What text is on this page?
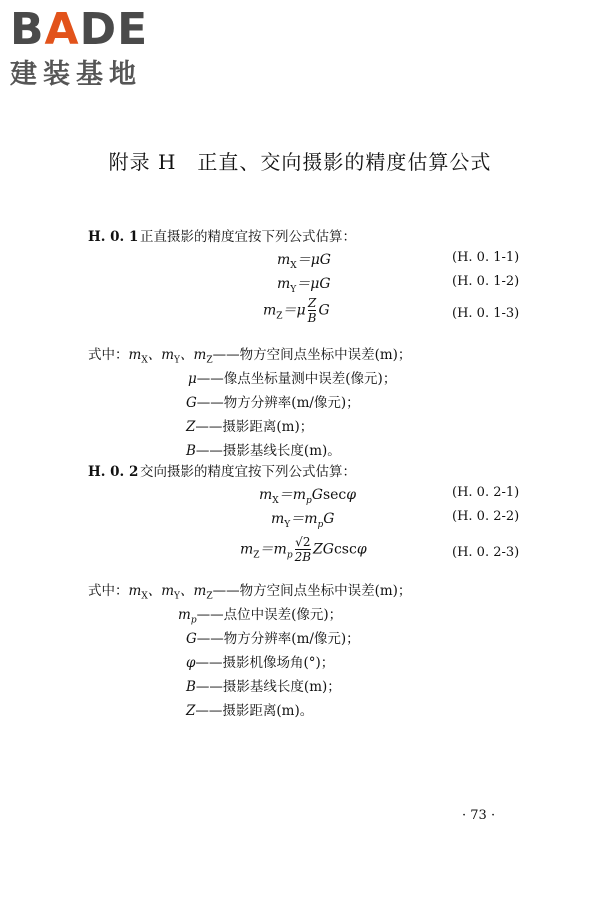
BADE
建装基地
附录 H　正直、交向摄影的精度估算公式
H. 0. 1 正直摄影的精度宜按下列公式估算：
$m_X=\mu G$	(H. 0. 1-1)
$m_Y=\mu G$	(H. 0. 1-2)
$m_Z=\mu \frac{Z}{B}$ G	(H. 0. 1-3)
式中：$m_X$、$m_Y$、$m_Z——$物方空间点坐标中误差(m)；
μ——像点坐标量测中误差(像元)；
G——物方分辨率(m/像元)；
Z——摄影距离(m)；
B——摄影基线长度(m)。
H. 0. 2 交向摄影的精度宜按下列公式估算：
$m_X=m_pGsec\varphi$	(H. 0. 2-1)
$m_Y=m_pG$	(H. 0. 2-2)
$m_Z=m_p \frac{√2}{2B}$ ZGcscφ	(H. 0. 2-3)
式中：$m_X$、$m_Y$、$m_Z——$物方空间点坐标中误差(m)；
$m_p——$点位中误差(像元)；
G——物方分辨率(m/像元)；
φ——摄影机像场角(°)；
B——摄影基线长度(m)；
Z——摄影距离(m)。
· 73 ·
